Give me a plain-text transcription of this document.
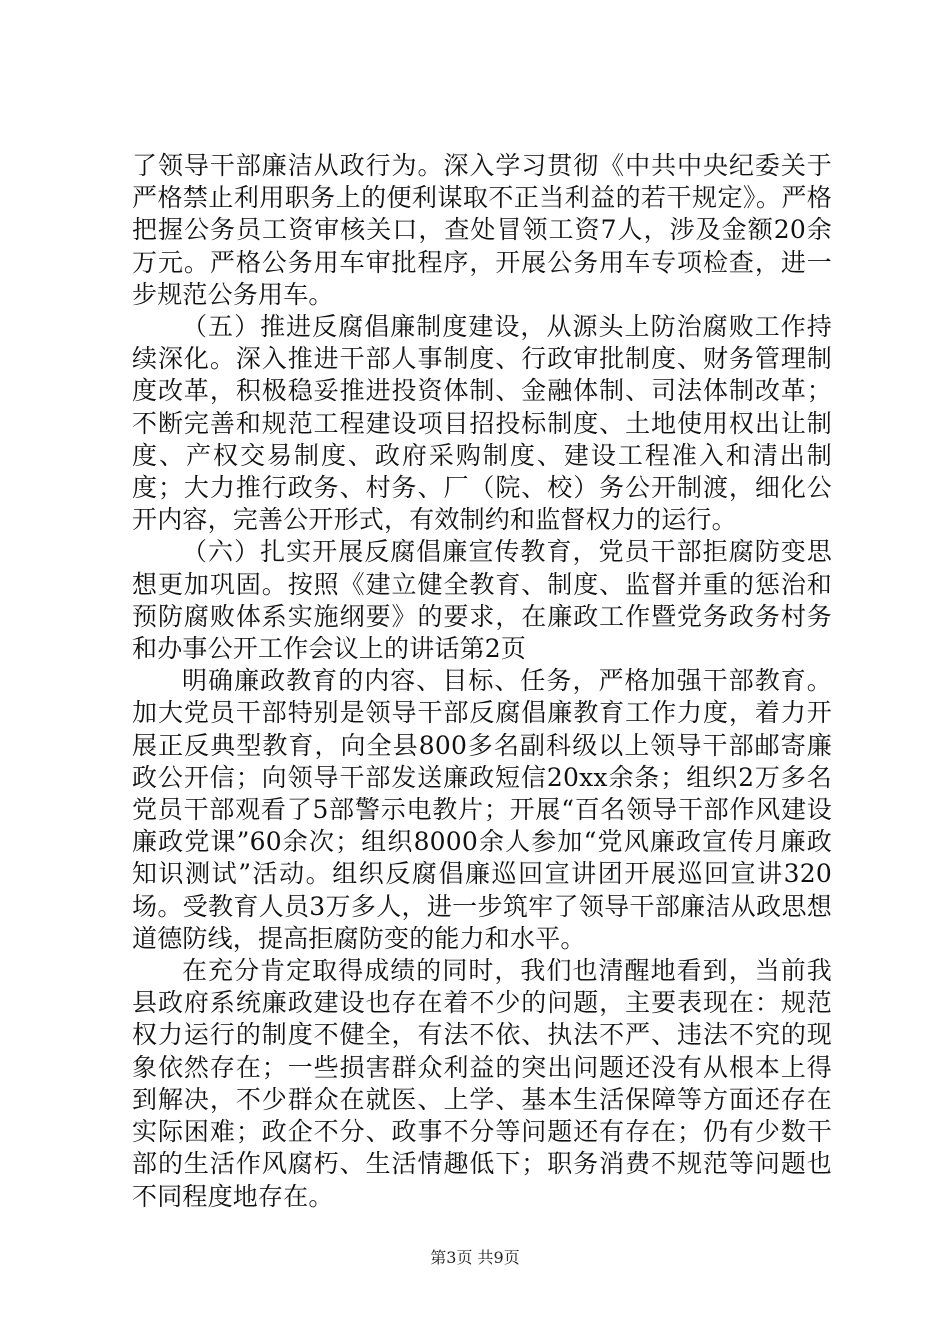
了领导干部廉洁从政行为。深入学习贯彻《中共中央纪委关于严格禁止利用职务上的便利谋取不正当利益的若干规定》。严格把握公务员工资审核关口，查处冒领工资7人，涉及金额20余万元。严格公务用车审批程序，开展公务用车专项检查，进一步规范公务用车。

（五）推进反腐倡廉制度建设，从源头上防治腐败工作持续深化。深入推进干部人事制度、行政审批制度、财务管理制度改革，积极稳妥推进投资体制、金融体制、司法体制改革；不断完善和规范工程建设项目招投标制度、土地使用权出让制度、产权交易制度、政府采购制度、建设工程准入和清出制度；大力推行政务、村务、厂（院、校）务公开制渡，细化公开内容，完善公开形式，有效制约和监督权力的运行。

（六）扎实开展反腐倡廉宣传教育，党员干部拒腐防变思想更加巩固。按照《建立健全教育、制度、监督并重的惩治和预防腐败体系实施纲要》的要求，在廉政工作暨党务政务村务和办事公开工作会议上的讲话第2页

明确廉政教育的内容、目标、任务，严格加强干部教育。加大党员干部特别是领导干部反腐倡廉教育工作力度，着力开展正反典型教育，向全县800多名副科级以上领导干部邮寄廉政公开信；向领导干部发送廉政短信20xx余条；组织2万多名党员干部观看了5部警示电教片；开展“百名领导干部作风建设廉政党课”60余次；组织8000余人参加“党风廉政宣传月廉政知识测试”活动。组织反腐倡廉巡回宣讲团开展巡回宣讲320场。受教育人员3万多人，进一步筑牢了领导干部廉洁从政思想道德防线，提高拒腐防变的能力和水平。

在充分肯定取得成绩的同时，我们也清醒地看到，当前我县政府系统廉政建设也存在着不少的问题，主要表现在：规范权力运行的制度不健全，有法不依、执法不严、违法不究的现象依然存在；一些损害群众利益的突出问题还没有从根本上得到解决，不少群众在就医、上学、基本生活保障等方面还存在实际困难；政企不分、政事不分等问题还有存在；仍有少数干部的生活作风腐朽、生活情趣低下；职务消费不规范等问题也不同程度地存在。

第3页 共9页
